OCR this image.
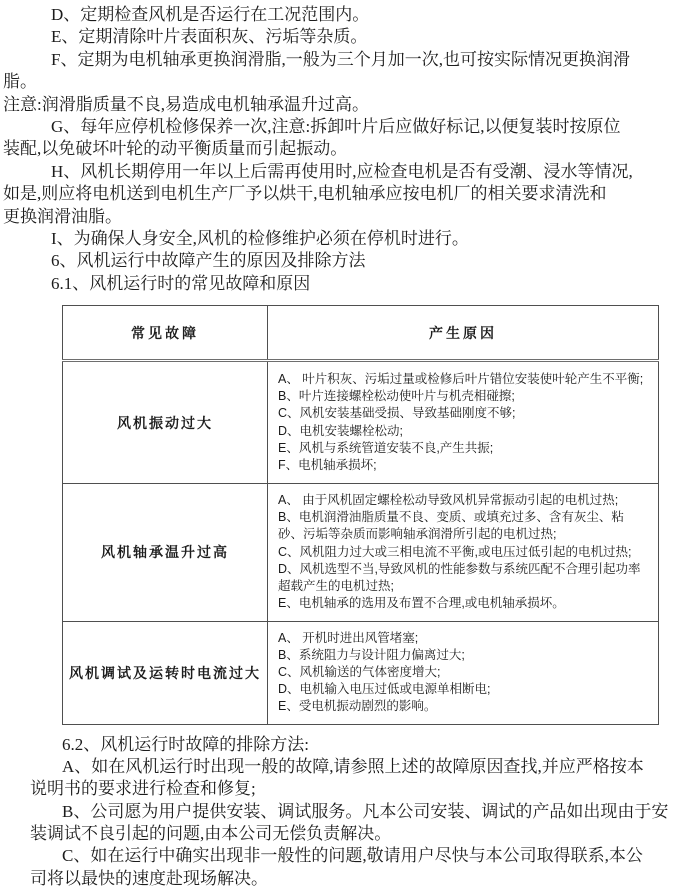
D、定期检查风机是否运行在工况范围内。
E、定期清除叶片表面积灰、污垢等杂质。
F、定期为电机轴承更换润滑脂,一般为三个月加一次,也可按实际情况更换润滑
脂。
注意:润滑脂质量不良,易造成电机轴承温升过高。
G、每年应停机检修保养一次,注意:拆卸叶片后应做好标记,以便复装时按原位
装配,以免破坏叶轮的动平衡质量而引起振动。
H、风机长期停用一年以上后需再使用时,应检查电机是否有受潮、浸水等情况,
如是,则应将电机送到电机生产厂予以烘干,电机轴承应按电机厂的相关要求清洗和
更换润滑油脂。
I、为确保人身安全,风机的检修维护必须在停机时进行。
6、风机运行中故障产生的原因及排除方法
6.1、风机运行时的常见故障和原因
常见故障	产生原因
风机振动过大	
A、 叶片积灰、污垢过量或检修后叶片错位安装使叶轮产生不平衡;
B、叶片连接螺栓松动使叶片与机壳相碰擦;
C、风机安装基础受损、导致基础刚度不够;
D、电机安装螺栓松动;
E、风机与系统管道安装不良,产生共振;
F、电机轴承损坏;

风机轴承温升过高	A、 由于风机固定螺栓松动导致风机异常振动引起的电机过热;
B、电机润滑油脂质量不良、变质、或填充过多、含有灰尘、粘砂、污垢等杂质而影响轴承润滑所引起的电机过热;
C、风机阻力过大或三相电流不平衡,或电压过低引起的电机过热;
D、风机选型不当,导致风机的性能参数与系统匹配不合理引起功率超载产生的电机过热;
E、电机轴承的选用及布置不合理,或电机轴承损坏。

风机调试及运转时电流过大	A、 开机时进出风管堵塞;
B、系统阻力与设计阻力偏离过大;
C、风机输送的气体密度增大;
D、电机输入电压过低或电源单相断电;
E、受电机振动剧烈的影响。
6.2、风机运行时故障的排除方法:
A、如在风机运行时出现一般的故障,请参照上述的故障原因查找,并应严格按本
说明书的要求进行检查和修复;
B、公司愿为用户提供安装、调试服务。凡本公司安装、调试的产品如出现由于安
装调试不良引起的问题,由本公司无偿负责解决。
C、如在运行中确实出现非一般性的问题,敬请用户尽快与本公司取得联系,本公
司将以最快的速度赴现场解决。
